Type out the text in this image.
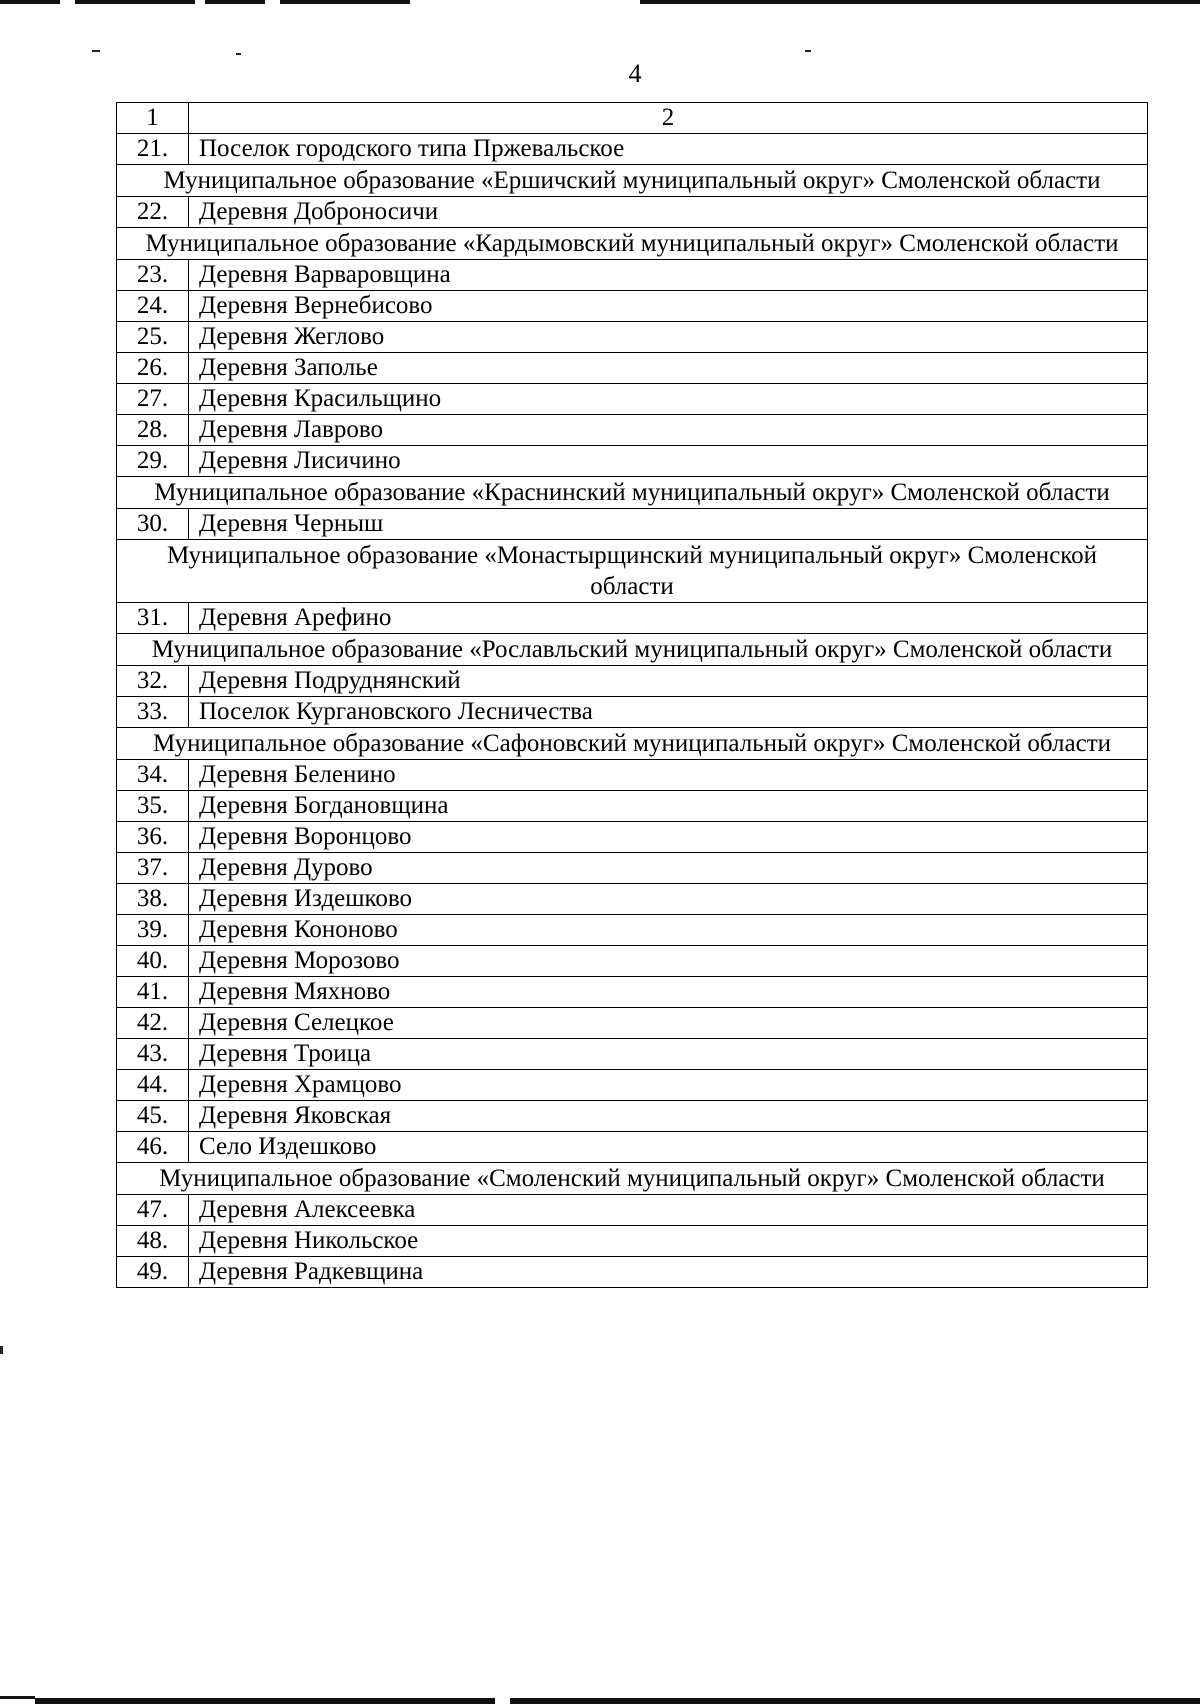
4
1	2
21.	Поселок городского типа Пржевальское
Муниципальное образование «Ершичский муниципальный округ» Смоленской области	
22.	Деревня Доброносичи
Муниципальное образование «Кардымовский муниципальный округ» Смоленской области	
23.	Деревня Варваровщина
24.	Деревня Вернебисово
25.	Деревня Жеглово
26.	Деревня Заполье
27.	Деревня Красильщино
28.	Деревня Лаврово
29.	Деревня Лисичино
Муниципальное образование «Краснинский муниципальный округ» Смоленской области	
30.	Деревня Черныш
Муниципальное образование «Монастырщинский муниципальный округ» Смоленской области	
31.	Деревня Арефино
Муниципальное образование «Рославльский муниципальный округ» Смоленской области	
32.	Деревня Подруднянский
33.	Поселок Кургановского Лесничества
Муниципальное образование «Сафоновский муниципальный округ» Смоленской области	
34.	Деревня Беленино
35.	Деревня Богдановщина
36.	Деревня Воронцово
37.	Деревня Дурово
38.	Деревня Издешково
39.	Деревня Кононово
40.	Деревня Морозово
41.	Деревня Мяхново
42.	Деревня Селецкое
43.	Деревня Троица
44.	Деревня Храмцово
45.	Деревня Яковская
46.	Село Издешково
Муниципальное образование «Смоленский муниципальный округ» Смоленской области	
47.	Деревня Алексеевка
48.	Деревня Никольское
49.	Деревня Радкевщина
